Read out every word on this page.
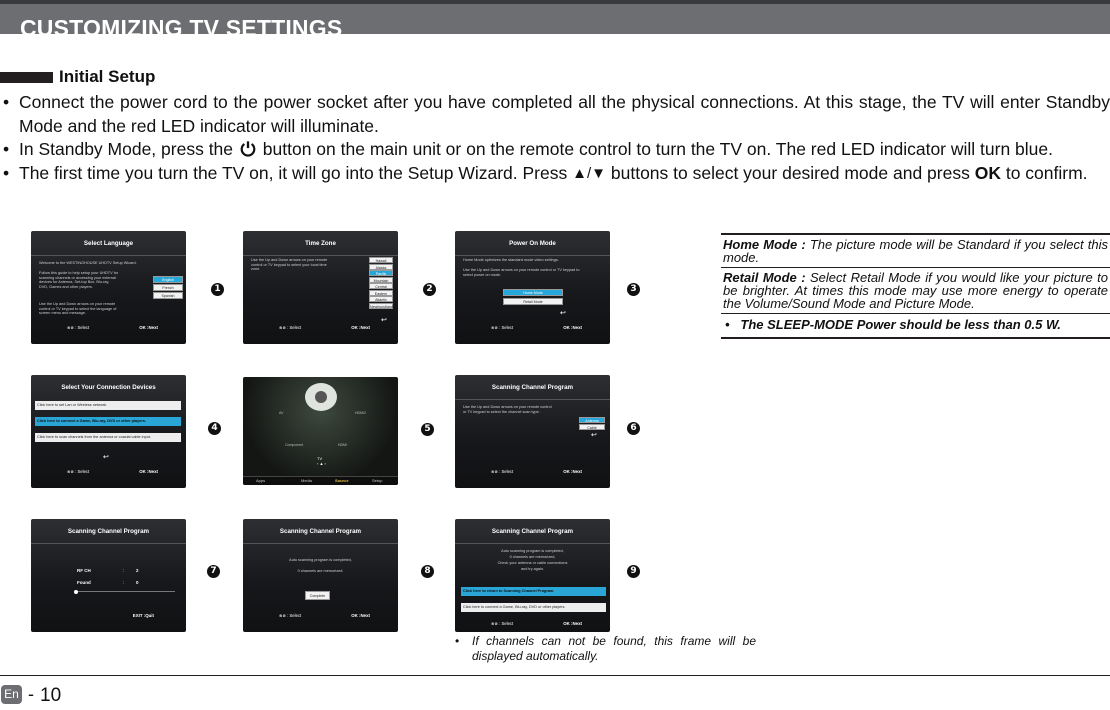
CUSTOMIZING TV SETTINGS
Initial Setup
• Connect the power cord to the power socket after you have completed all the physical connections. At this stage, the TV will enter Standby Mode and the red LED indicator will illuminate.
• In Standby Mode, press the button on the main unit or on the remote control to turn the TV on. The red LED indicator will turn blue.
• The first time you turn the TV on, it will go into the Setup Wizard. Press ▲/▼ buttons to select your desired mode and press OK to confirm.
Select Language
Welcome to the WESTINGHOUSE UHDTV Setup Wizard.
Follow this guide to help setup your UHDTV for scanning channels or accessing your external devices for Antenna, Set-top Box, Blu-ray, DVD, Games and other players.
Use the Up and Down arrows on your remote control or TV keypad to select the language of screen menu and message.
English
French
Spanish
⊗⊗ : Select	OK :Next
1
Time Zone
Use the Up and Down arrows on your remote control or TV keypad to select your local time zone.
Hawaii
Alaska
Pacific
Mountain
Central
Eastern
Atlantic
Newfoundland
↩
⊗⊗ : Select	OK :Next
2
Power On Mode
Home Mode optimizes the standard mode video settings.
Use the Up and Down arrows on your remote control or TV keypad to select power on mode.
Home Mode
Retail Mode
↩
⊗⊗ : Select	OK :Next
3
Select Your Connection Devices
Click here to set Lan or Wireless network.
Click here to connect a Game, Blu-ray, DVD or other players.
Click here to scan channels from the antenna or coaxial cable input.
↩
⊗⊗ : Select	OK :Next
4
AV
Component	HDMI
HDMI2
TV
‹ ▲ ›
Apps	Media	Source	Setup
5
Scanning Channel Program
Use the Up and Down arrows on your remote control or TV keypad to select the channel scan type.
Antenna
Cable
↩
⊗⊗ : Select	OK :Next
6
Scanning Channel Program
RF CH	:	2
Found	:	0
EXIT :Quit
7
Scanning Channel Program
Auto scanning program is completed,
0 channels are memorized.
Complete
⊗⊗ : Select	OK :Next
8
Scanning Channel Program
Auto scanning program is completed,
0 channels are memorized,
Check your antenna or cable connections
and try again.
Click here to return to Scanning Channel Program.
Click here to connect a Game, Blu-ray, DVD or other players.
⊗⊗ : Select	OK :Next
9
Home Mode : The picture mode will be Standard if you select this mode.
Retail Mode : Select Retail Mode if you would like your picture to be brighter. At times this mode may use more energy to operate the Volume/Sound Mode and Picture Mode.
•   The SLEEP-MODE Power should be less than 0.5 W.
• If channels can not be found, this frame will be displayed automatically.
En - 10
